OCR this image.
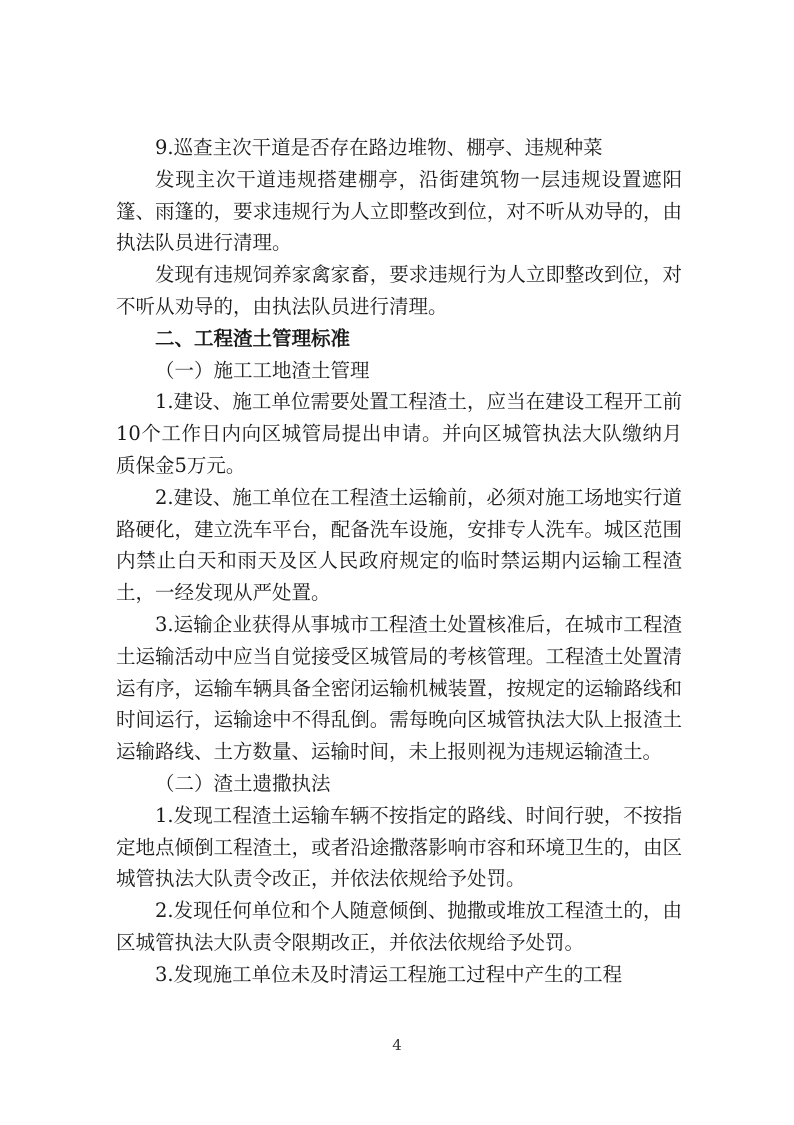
9.巡查主次干道是否存在路边堆物、棚亭、违规种菜

发现主次干道违规搭建棚亭，沿街建筑物一层违规设置遮阳篷、雨篷的，要求违规行为人立即整改到位，对不听从劝导的，由执法队员进行清理。

发现有违规饲养家禽家畜，要求违规行为人立即整改到位，对不听从劝导的，由执法队员进行清理。

二、工程渣土管理标准

（一）施工工地渣土管理

1.建设、施工单位需要处置工程渣土，应当在建设工程开工前10个工作日内向区城管局提出申请。并向区城管执法大队缴纳月质保金5万元。

2.建设、施工单位在工程渣土运输前，必须对施工场地实行道路硬化，建立洗车平台，配备洗车设施，安排专人洗车。城区范围内禁止白天和雨天及区人民政府规定的临时禁运期内运输工程渣土，一经发现从严处置。

3.运输企业获得从事城市工程渣土处置核准后，在城市工程渣土运输活动中应当自觉接受区城管局的考核管理。工程渣土处置清运有序，运输车辆具备全密闭运输机械装置，按规定的运输路线和时间运行，运输途中不得乱倒。需每晚向区城管执法大队上报渣土运输路线、土方数量、运输时间，未上报则视为违规运输渣土。

（二）渣土遗撒执法

1.发现工程渣土运输车辆不按指定的路线、时间行驶，不按指定地点倾倒工程渣土，或者沿途撒落影响市容和环境卫生的，由区城管执法大队责令改正，并依法依规给予处罚。

2.发现任何单位和个人随意倾倒、抛撒或堆放工程渣土的，由区城管执法大队责令限期改正，并依法依规给予处罚。

3.发现施工单位未及时清运工程施工过程中产生的工程

4
